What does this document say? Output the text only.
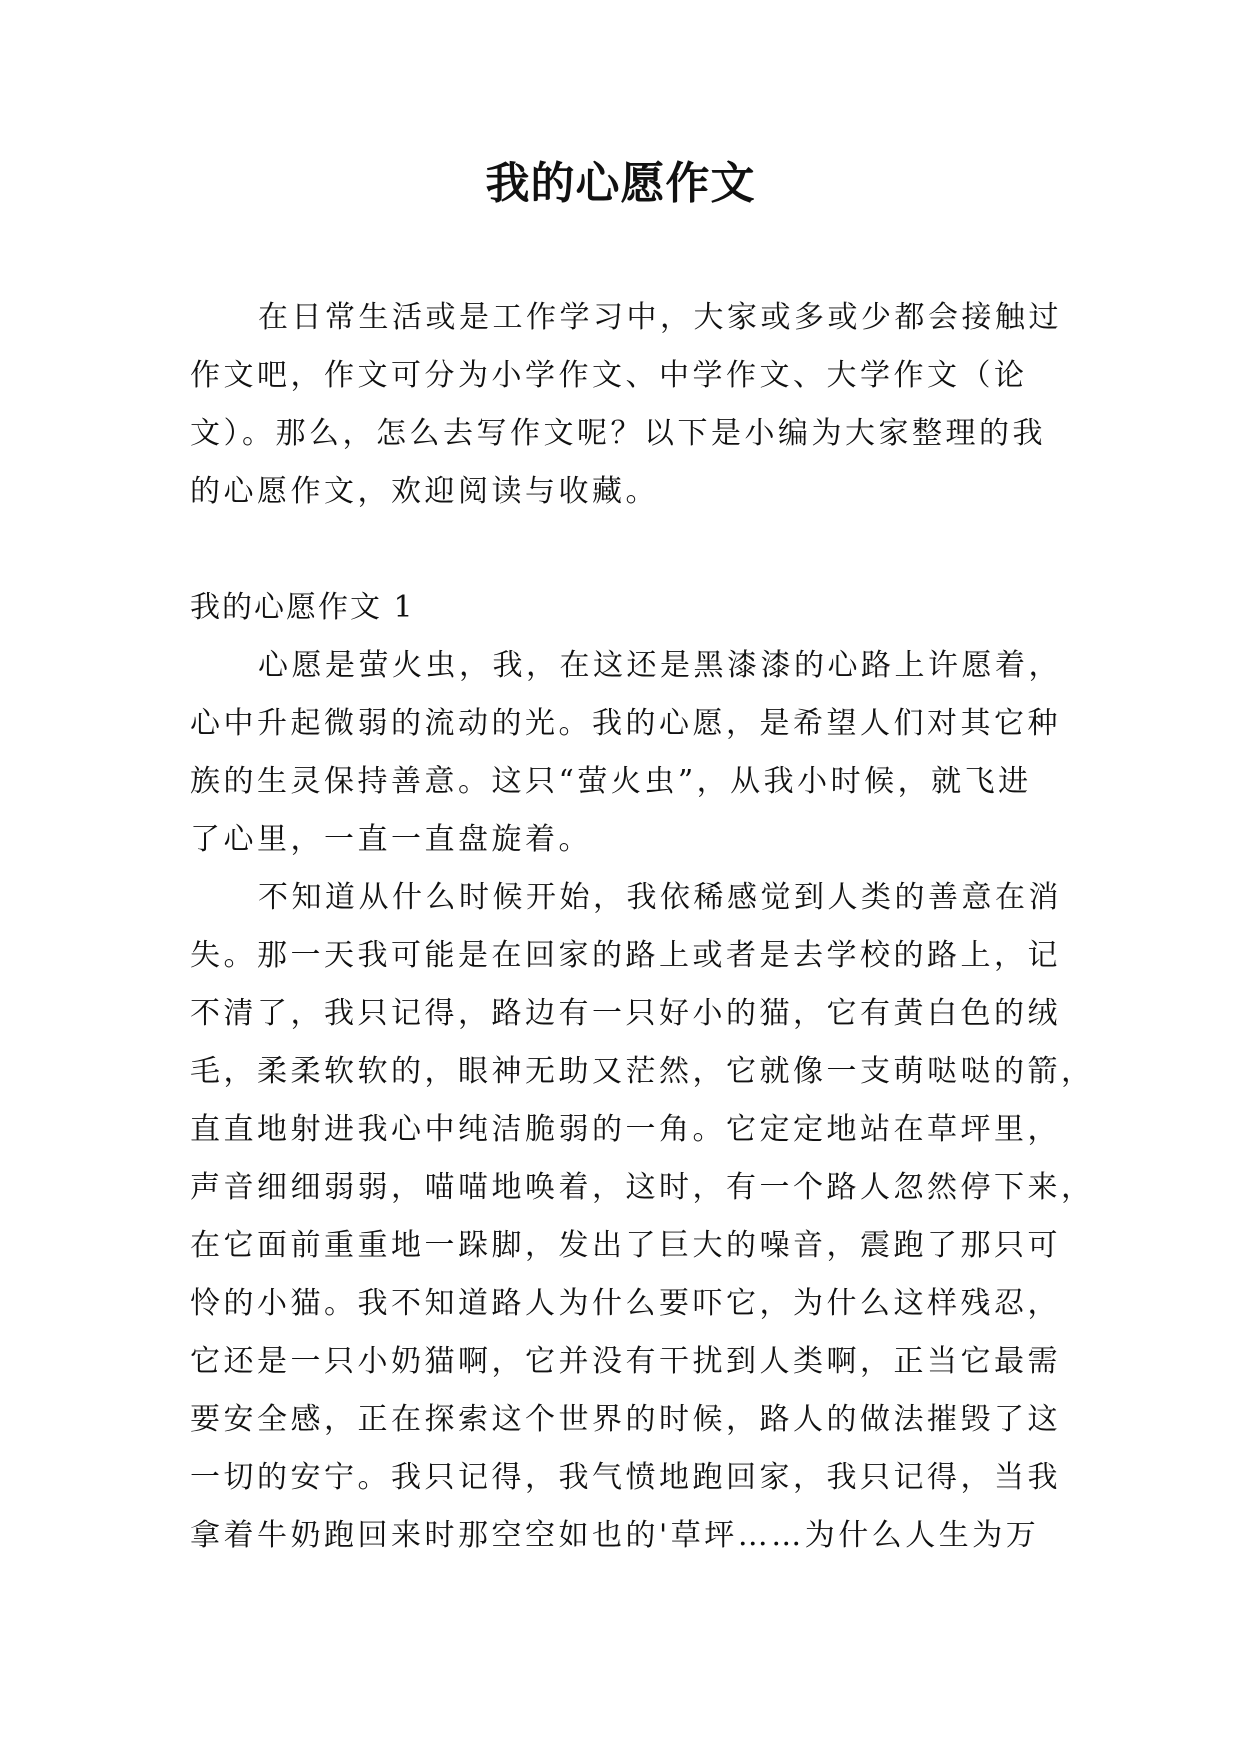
我的心愿作文
在日常生活或是工作学习中，大家或多或少都会接触过
作文吧，作文可分为小学作文、中学作文、大学作文（论
文）。那么，怎么去写作文呢？以下是小编为大家整理的我
的心愿作文，欢迎阅读与收藏。
我的心愿作文 1
心愿是萤火虫，我，在这还是黑漆漆的心路上许愿着，
心中升起微弱的流动的光。我的心愿，是希望人们对其它种
族的生灵保持善意。这只“萤火虫”，从我小时候，就飞进
了心里，一直一直盘旋着。
不知道从什么时候开始，我依稀感觉到人类的善意在消
失。那一天我可能是在回家的路上或者是去学校的路上，记
不清了，我只记得，路边有一只好小的猫，它有黄白色的绒
毛，柔柔软软的，眼神无助又茫然，它就像一支萌哒哒的箭，
直直地射进我心中纯洁脆弱的一角。它定定地站在草坪里，
声音细细弱弱，喵喵地唤着，这时，有一个路人忽然停下来，
在它面前重重地一跺脚，发出了巨大的噪音，震跑了那只可
怜的小猫。我不知道路人为什么要吓它，为什么这样残忍，
它还是一只小奶猫啊，它并没有干扰到人类啊，正当它最需
要安全感，正在探索这个世界的时候，路人的做法摧毁了这
一切的安宁。我只记得，我气愤地跑回家，我只记得，当我
拿着牛奶跑回来时那空空如也的'草坪……为什么人生为万
